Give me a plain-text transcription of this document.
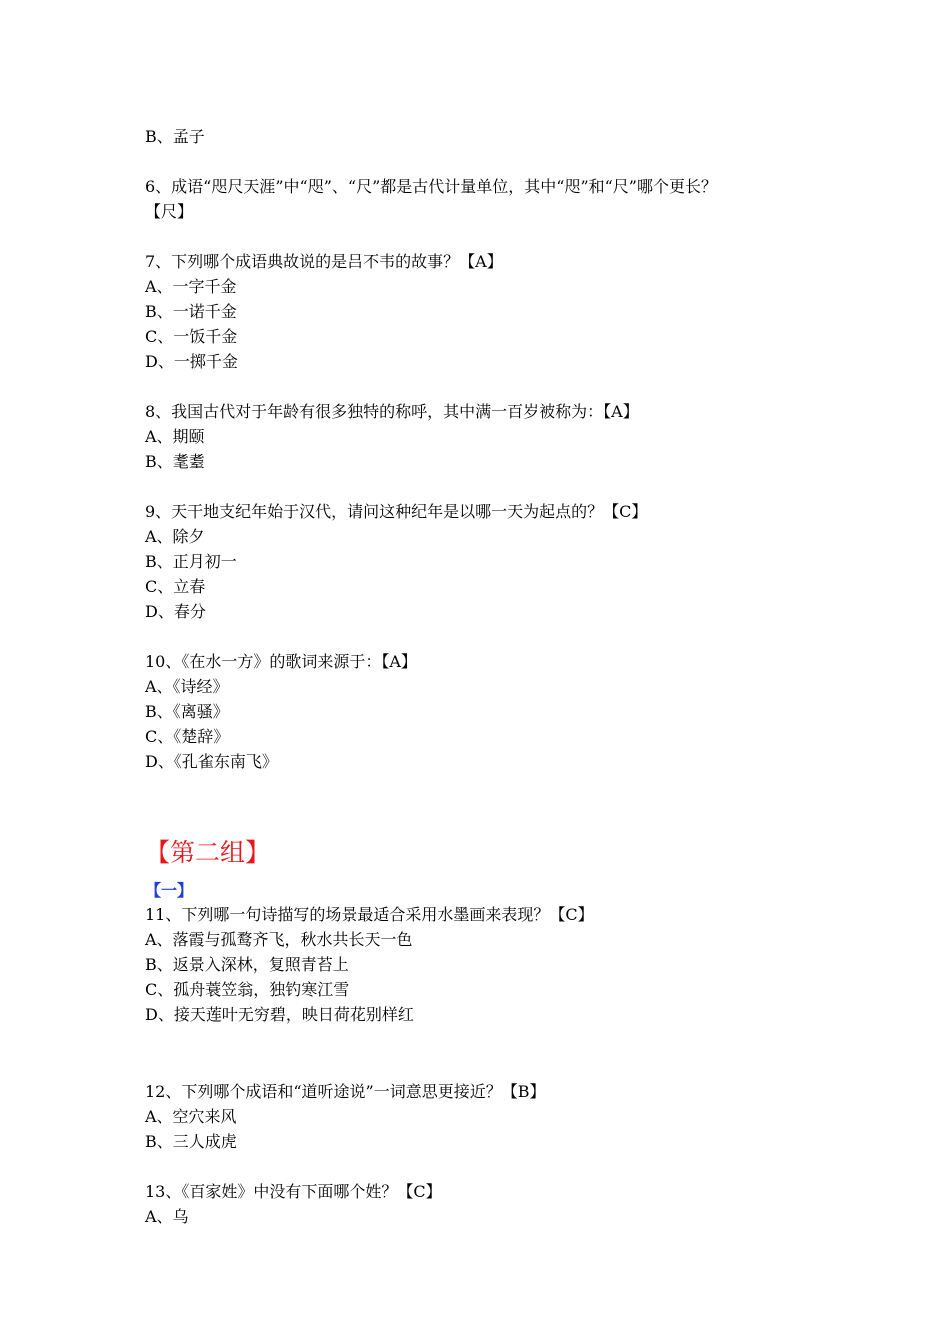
B、孟子
6、成语“咫尺天涯”中“咫”、“尺”都是古代计量单位，其中“咫”和“尺”哪个更长？
【尺】
7、下列哪个成语典故说的是吕不韦的故事？【A】
A、一字千金
B、一诺千金
C、一饭千金
D、一掷千金
8、我国古代对于年龄有很多独特的称呼，其中满一百岁被称为：【A】
A、期颐
B、耄耋
9、天干地支纪年始于汉代，请问这种纪年是以哪一天为起点的？【C】
A、除夕
B、正月初一
C、立春
D、春分
10、《在水一方》的歌词来源于：【A】
A、《诗经》
B、《离骚》
C、《楚辞》
D、《孔雀东南飞》
【第二组】
【一】
11、下列哪一句诗描写的场景最适合采用水墨画来表现？【C】
A、落霞与孤鹜齐飞，秋水共长天一色
B、返景入深林，复照青苔上
C、孤舟蓑笠翁，独钓寒江雪
D、接天莲叶无穷碧，映日荷花别样红
12、下列哪个成语和“道听途说”一词意思更接近？【B】
A、空穴来风
B、三人成虎
13、《百家姓》中没有下面哪个姓？【C】
A、乌
